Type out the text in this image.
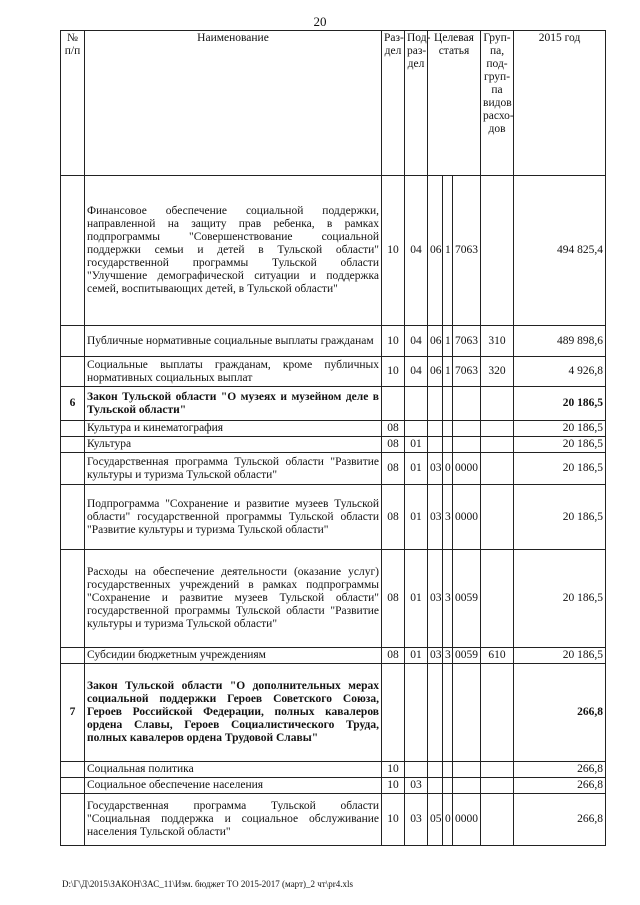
20
№ п/п	Наименование	Раз-дел	Под-раз-дел	Целевая статья			Груп-па, под-груп-па видов расхо-дов	2015 год
	Финансовое обеспечение социальной поддержки, направленной на защиту прав ребенка, в рамках подпрограммы "Совершенствование социальной поддержки семьи и детей в Тульской области" государственной программы Тульской области "Улучшение демографической ситуации и поддержка семей, воспитывающих детей, в Тульской области"	10	04	06	1	7063		494 825,4
	Публичные нормативные социальные выплаты гражданам	10	04	06	1	7063	310	489 898,6
	Социальные выплаты гражданам, кроме публичных нормативных социальных выплат	10	04	06	1	7063	320	4 926,8
6	Закон Тульской области "О музеях и музейном деле в Тульской области"							20 186,5
	Культура и кинематография	08						20 186,5
	Культура	08	01					20 186,5
	Государственная программа Тульской области "Развитие культуры и туризма Тульской области"	08	01	03	0	0000		20 186,5
	Подпрограмма "Сохранение и развитие музеев Тульской области" государственной программы Тульской области "Развитие культуры и туризма Тульской области"	08	01	03	3	0000		20 186,5
	Расходы на обеспечение деятельности (оказание услуг) государственных учреждений в рамках подпрограммы "Сохранение и развитие музеев Тульской области" государственной программы Тульской области "Развитие культуры и туризма Тульской области"	08	01	03	3	0059		20 186,5
	Субсидии бюджетным учреждениям	08	01	03	3	0059	610	20 186,5
7	Закон Тульской области "О дополнительных мерах социальной поддержки Героев Советского Союза, Героев Российской Федерации, полных кавалеров ордена Славы, Героев Социалистического Труда, полных кавалеров ордена Трудовой Славы"							266,8
	Социальная политика	10						266,8
	Социальное обеспечение населения	10	03					266,8
	Государственная программа Тульской области "Социальная поддержка и социальное обслуживание населения Тульской области"	10	03	05	0	0000		266,8
D:\Г\Д\2015\ЗАКОН\ЗАС_11\Изм. бюджет ТО 2015-2017 (март)_2 чт\pr4.xls
